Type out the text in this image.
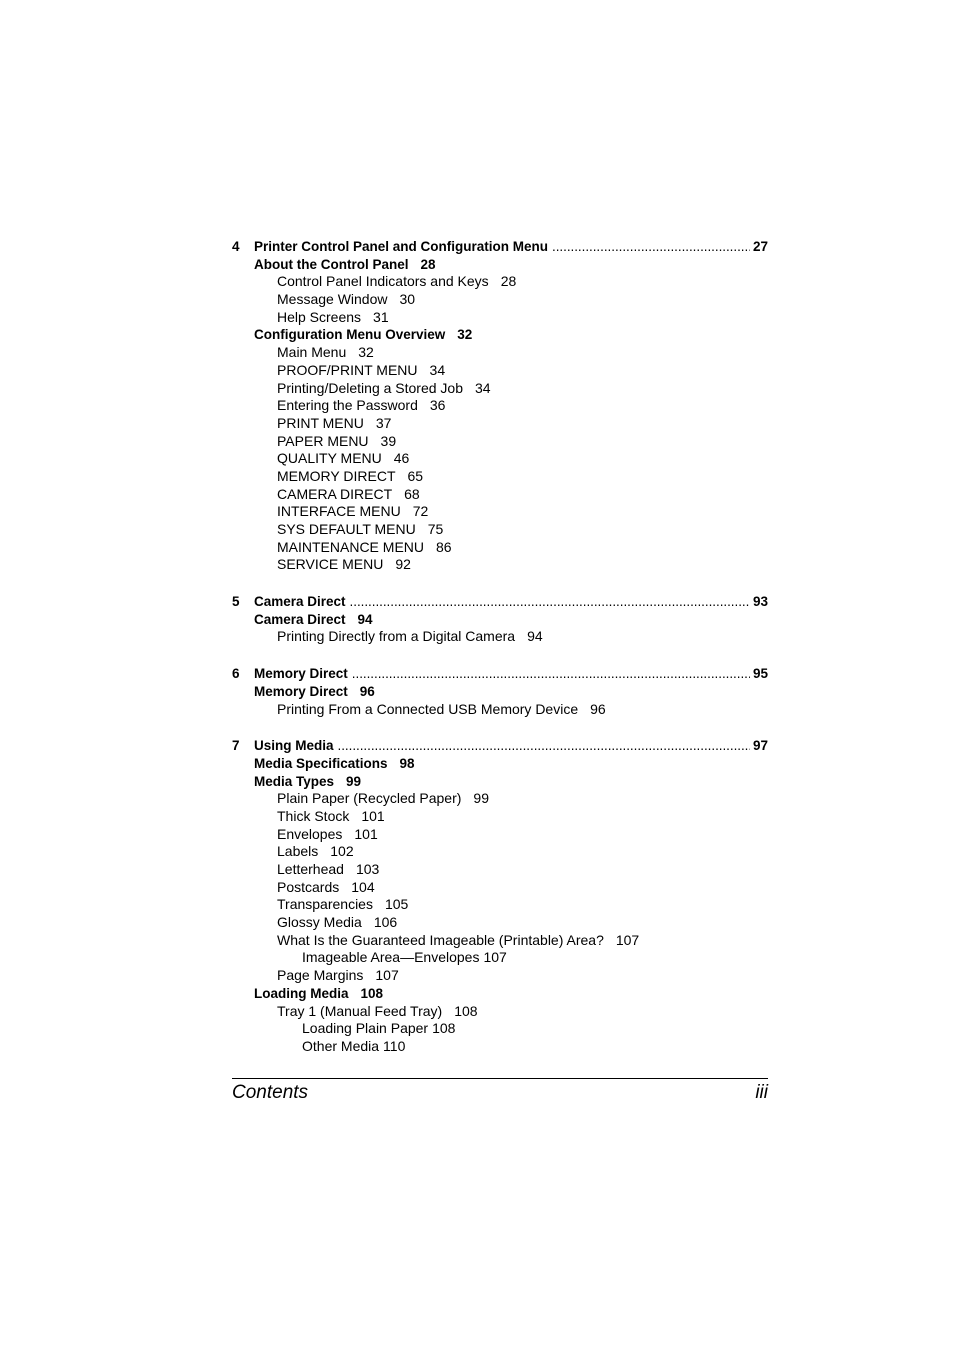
4	Printer Control Panel and Configuration Menu . . .	27
About the Control Panel 28
Control Panel Indicators and Keys 28
Message Window 30
Help Screens 31
Configuration Menu Overview 32
Main Menu 32
PROOF/PRINT MENU 34
Printing/Deleting a Stored Job 34
Entering the Password 36
PRINT MENU 37
PAPER MENU 39
QUALITY MENU 46
MEMORY DIRECT 65
CAMERA DIRECT 68
INTERFACE MENU 72
SYS DEFAULT MENU 75
MAINTENANCE MENU 86
SERVICE MENU 92
5	Camera Direct . . .	93
Camera Direct 94
Printing Directly from a Digital Camera 94
6	Memory Direct . . .	95
Memory Direct 96
Printing From a Connected USB Memory Device 96
7	Using Media . . .	97
Media Specifications 98
Media Types 99
Plain Paper (Recycled Paper) 99
Thick Stock 101
Envelopes 101
Labels 102
Letterhead 103
Postcards 104
Transparencies 105
Glossy Media 106
What Is the Guaranteed Imageable (Printable) Area? 107
Imageable Area—Envelopes 107
Page Margins 107
Loading Media 108
Tray 1 (Manual Feed Tray) 108
Loading Plain Paper 108
Other Media 110
Contents	iii
